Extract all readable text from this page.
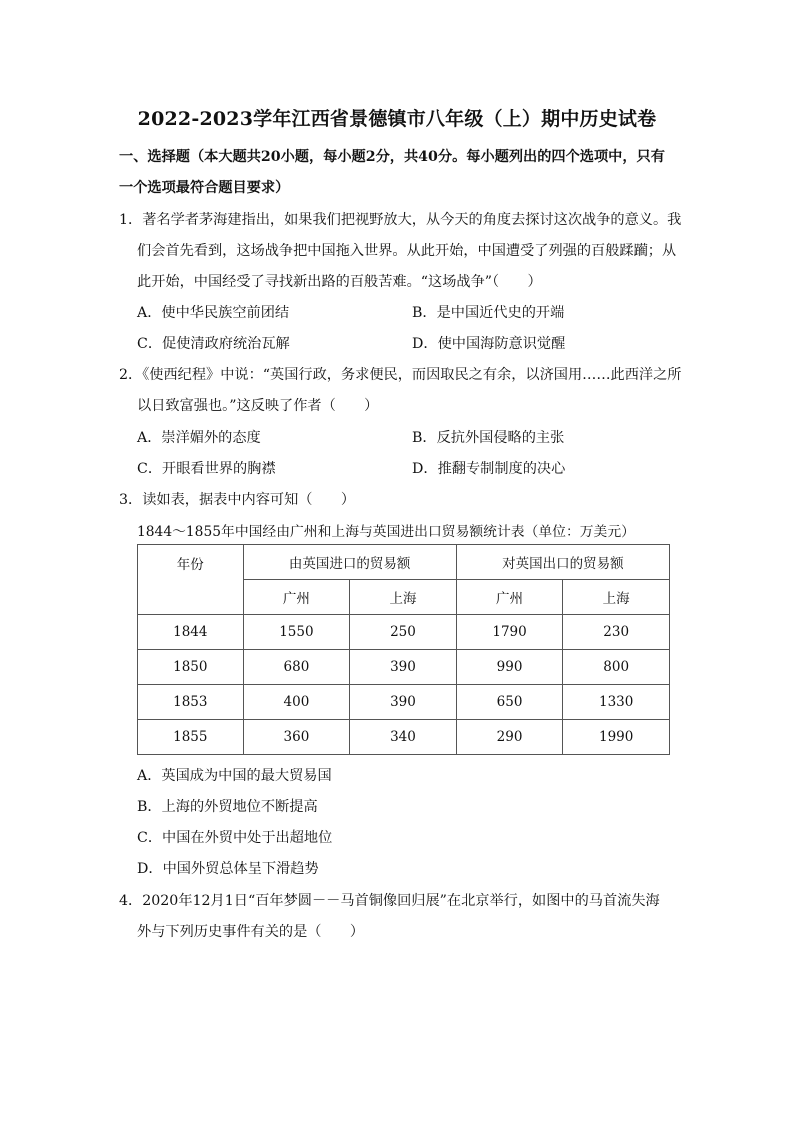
2022-2023学年江西省景德镇市八年级（上）期中历史试卷
一、选择题（本大题共20小题，每小题2分，共40分。每小题列出的四个选项中，只有
一个选项最符合题目要求）
1．著名学者茅海建指出，如果我们把视野放大，从今天的角度去探讨这次战争的意义。我
们会首先看到，这场战争把中国拖入世界。从此开始，中国遭受了列强的百般蹂躏；从
此开始，中国经受了寻找新出路的百般苦难。“这场战争”（　　）
A．使中华民族空前团结	B．是中国近代史的开端
C．促使清政府统治瓦解	D．使中国海防意识觉醒
2．《使西纪程》中说：“英国行政，务求便民，而因取民之有余，以济国用……此西洋之所
以日致富强也。”这反映了作者（　　）
A．崇洋媚外的态度	B．反抗外国侵略的主张
C．开眼看世界的胸襟	D．推翻专制制度的决心
3．读如表，据表中内容可知（　　）
1844～1855年中国经由广州和上海与英国进出口贸易额统计表（单位：万美元）
年份	由英国进口的贸易额		对英国出口的贸易额	
	广州	上海	广州	上海
1844	1550	250	1790	230
1850	680	390	990	800
1853	400	390	650	1330
1855	360	340	290	1990
A．英国成为中国的最大贸易国
B．上海的外贸地位不断提高
C．中国在外贸中处于出超地位
D．中国外贸总体呈下滑趋势
4．2020年12月1日“百年梦圆－－马首铜像回归展”在北京举行，如图中的马首流失海
外与下列历史事件有关的是（　　）
